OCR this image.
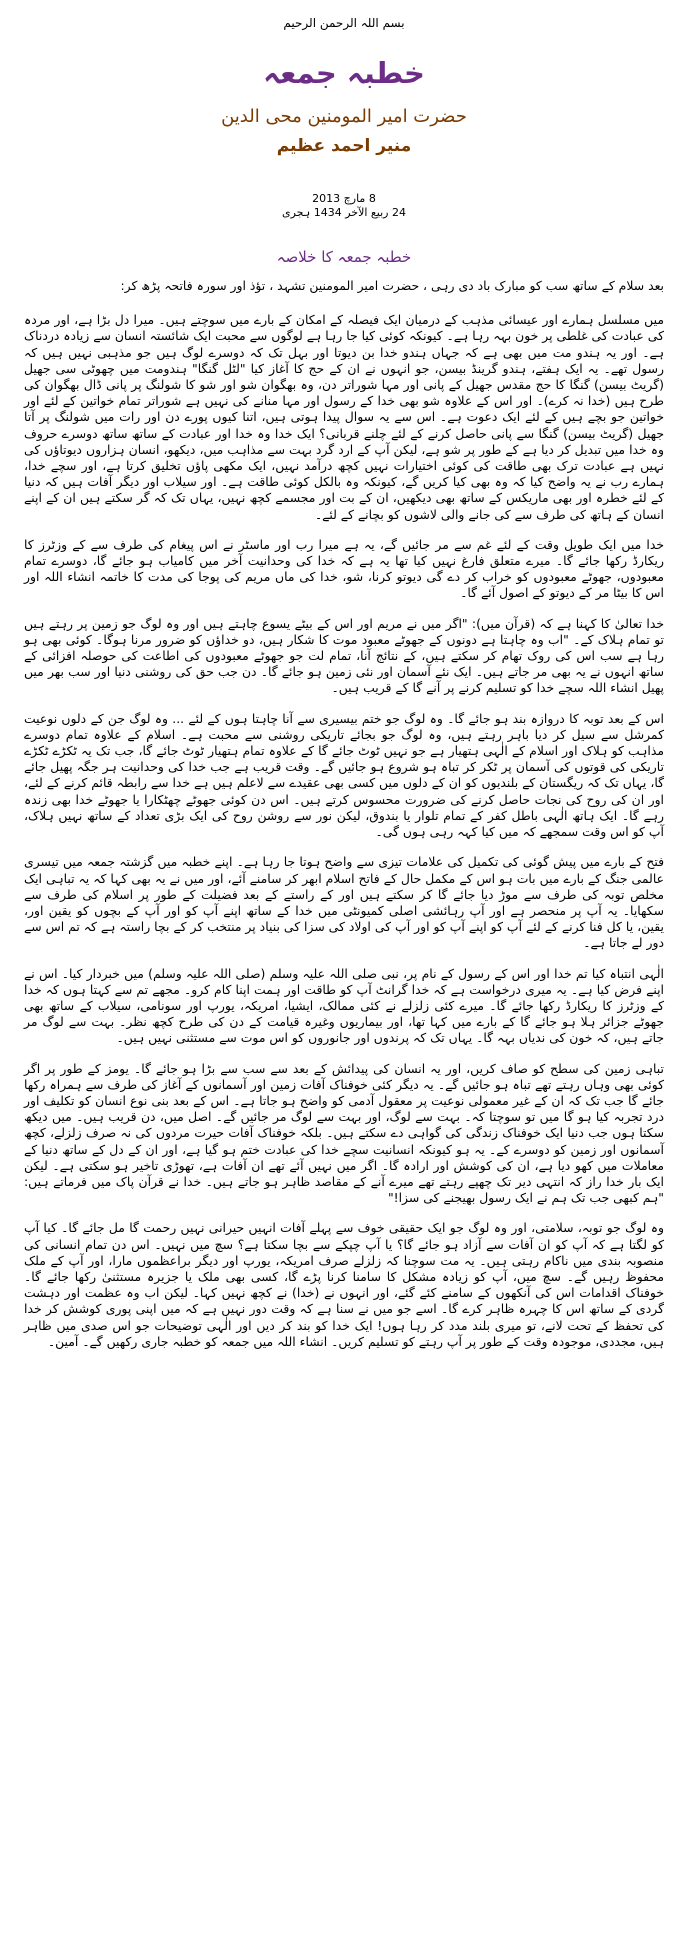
بسم اللہ الرحمن الرحیم
خطبہ جمعہ
حضرت امیر المومنین محی الدین
منیر احمد عظیم
8 مارچ 2013
24 ربیع الآخر 1434 ہجری
خطبہ جمعہ کا خلاصہ

بعد سلام کے ساتھ سب کو مبارک باد دی رہی ، حضرت امیر المومنین تشہد ، تؤذ اور سورہ فاتحہ پڑھ کر:

میں مسلسل ہمارے اور عیسائی مذہب کے درمیان ایک فیصلہ کے امکان کے بارے میں سوچتے ہیں۔ میرا دل بڑا ہے، اور مردہ کی عبادت کی غلطی پر خون بہہ رہا ہے۔ کیونکہ کوئی کیا جا رہا ہے لوگوں سے محبت ایک شائستہ انسان سے زیادہ دردناک ہے۔ اور یہ ہندو مت میں بھی ہے کہ جہاں ہندو خدا بن دیوتا اور بہل تک کہ دوسرے لوگ ہیں جو مذہبی نہیں ہیں کہ رسول تھے۔ یہ ایک ہفتے، ہندو گرینڈ بیسن، جو انہوں نے ان کے حج کا آغاز کیا "لٹل گنگا" ہندومت میں چھوٹی سی جھیل (گریٹ بیسن) گنگا کا حج مقدس جھیل کے پانی اور مہا شوراتر دن، وہ بھگوان شو اور شو کا شولنگ پر پانی ڈال بھگوان کی طرح ہیں (خدا نہ کرے)۔ اور اس کے علاوہ شو بھی خدا کے رسول اور مہا منانے کی نہیں ہے شوراتر تمام خواتین کے لئے اور خواتین جو بچے ہیں کے لئے ایک دعوت ہے۔ اس سے یہ سوال پیدا ہوتی ہیں، اتنا کیوں پورے دن اور رات میں شولنگ پر آتا جھیل (گریٹ بیسن) گنگا سے پانی حاصل کرنے کے لئے چلنے قربانی؟ ایک خدا وہ خدا اور عبادت کے ساتھ ساتھ دوسرے حروف وہ خدا میں تبدیل کر دیا ہے کے طور پر شو ہے، لیکن آپ کے ارد گرد بہت سے مذاہب میں، دیکھو، انسان ہزاروں دیوتاؤں کی نہیں ہے عبادت ترک بھی طاقت کی کوئی اختیارات نہیں کچھ درآمد نہیں، ایک مکھی پاؤں تخلیق کرتا ہے، اور سچے خدا، ہمارے رب نے یہ واضح کیا کہ وہ بھی کیا کریں گے، کیونکہ وہ بالکل کوئی طاقت ہے۔ اور سیلاب اور دیگر آفات ہیں کہ دنیا کے لئے خطرہ اور بھی ماریکس کے ساتھ بھی دیکھیں، ان کے بت اور مجسمے کچھ نہیں، یہاں تک کہ گر سکتے ہیں ان کے اپنے انسان کے ہاتھ کی طرف سے کی جانے والی لاشوں کو بچانے کے لئے۔

خدا میں ایک طویل وقت کے لئے غم سے مر جائیں گے، یہ ہے میرا رب اور ماسٹر نے اس پیغام کی طرف سے کے وزٹرز کا ریکارڈ رکھا جائے گا۔ میرے متعلق فارغ نہیں کیا تھا یہ ہے کہ خدا کی وحدانیت آخر میں کامیاب ہو جائے گا، دوسرے تمام معبودوں، جھوٹے معبودوں کو خراب کر دے گی دیوتو کرنا، شو، خدا کی ماں مریم کی پوجا کی مدت کا خاتمہ انشاء اللہ اور اس کا بیٹا مر کے دیوتو کے اصول آئے گا۔

خدا تعالیٰ کا کہنا ہے کہ (قرآن میں): "اگر میں نے مریم اور اس کے بیٹے یسوع چاہتے ہیں اور وہ لوگ جو زمین پر رہتے ہیں تو تمام ہلاک کے۔ "اب وہ چاہتا ہے دونوں کے جھوٹے معبود موت کا شکار ہیں، دو خداؤں کو ضرور مرنا ہوگا۔ کوئی بھی ہو رہا ہے سب اس کی روک تھام کر سکتے ہیں، کے نتائج آنا، تمام لت جو جھوٹے معبودوں کی اطاعت کی حوصلہ افزائی کے ساتھ انہوں نے یہ بھی مر جاتے ہیں۔ ایک نئے آسمان اور نئی زمین ہو جائے گا۔ دن جب حق کی روشنی دنیا اور سب بھر میں پھیل انشاء اللہ سچے خدا کو تسلیم کرنے پر آنے گا کے قریب ہیں۔

اس کے بعد توبہ کا دروازہ بند ہو جائے گا۔ وہ لوگ جو ختم بیسیری سے آنا چاہتا ہوں کے لئے ... وہ لوگ جن کے دلوں نوعیت کمرشل سے سیل کر دیا باہر رہتے ہیں، وہ لوگ جو بجائے تاریکی روشنی سے محبت ہے۔ اسلام کے علاوہ تمام دوسرے مذاہب کو ہلاک اور اسلام کے الٰہی ہتھیار ہے جو نہیں ٹوٹ جائے گا کے علاوہ تمام ہتھیار ٹوٹ جائے گا، جب تک یہ ٹکڑے ٹکڑے تاریکی کی قوتوں کی آسمان پر ٹکر کر تباہ ہو شروع ہو جائیں گے۔ وقت قریب ہے جب خدا کی وحدانیت ہر جگہ پھیل جائے گا، یہاں تک کہ ریگستان کے بلندیوں کو ان کے دلوں میں کسی بھی عقیدے سے لاعلم ہیں ہے خدا سے رابطہ قائم کرنے کے لئے، اور ان کی روح کی نجات حاصل کرنے کی ضرورت محسوس کرتے ہیں۔ اس دن کوئی جھوٹے چھٹکارا یا جھوٹے خدا بھی زندہ رہے گا۔ ایک ہاتھ الٰہی باطل کفر کے تمام تلوار یا بندوق، لیکن نور سے روشن روح کی ایک بڑی تعداد کے ساتھ نہیں ہلاک، آپ کو اس وقت سمجھے کہ میں کیا کہہ رہی ہوں گی۔

فتح کے بارے میں پیش گوئی کی تکمیل کی علامات تیزی سے واضح ہوتا جا رہا ہے۔ اپنے خطبہ میں گزشتہ جمعہ میں تیسری عالمی جنگ کے بارے میں بات ہو اس کے مکمل حال کے فاتح اسلام ابھر کر سامنے آئے، اور میں نے یہ بھی کہا کہ یہ تباہی ایک مخلص توبہ کی طرف سے موڑ دیا جائے گا کر سکتے ہیں اور کے راستے کے بعد فضیلت کے طور پر اسلام کی طرف سے سکھایا۔ یہ آپ پر منحصر ہے اور آپ رہائشی اصلی کمیونٹی میں خدا کے ساتھ اپنے آپ کو اور آپ کے بچوں کو یقین اور، یقین، یا کل فنا کرنے کے لئے آپ کو اپنے آپ کو اور آپ کی اولاد کی سزا کی بنیاد پر منتخب کر کے بچا راستہ ہے کہ تم اس سے دور لے جاتا ہے۔

الٰہی انتباہ کیا تم خدا اور اس کے رسول کے نام پر، نبی صلی اللہ علیہ وسلم (صلی اللہ علیہ وسلم) میں خبردار کیا۔ اس نے اپنے فرض کیا ہے۔ یہ میری درخواست ہے کہ خدا گرانٹ آپ کو طاقت اور ہمت اپنا کام کرو۔ مجھے تم سے کہتا ہوں کہ خدا کے وزٹرز کا ریکارڈ رکھا جائے گا۔ میرے کئی زلزلے نے کئی ممالک، ایشیا، امریکہ، یورپ اور سونامی، سیلاب کے ساتھ بھی جھوٹے جزائر ہلا ہو جائے گا کے بارے میں کہا تھا، اور بیماریوں وغیرہ قیامت کے دن کی طرح کچھ نظر۔ بہت سے لوگ مر جاتے ہیں، کہ خون کی ندیاں بہہ گا۔ یہاں تک کہ پرندوں اور جانوروں کو اس موت سے مستثنی نہیں ہیں۔

تباہی زمین کی سطح کو صاف کریں، اور یہ انسان کی پیدائش کے بعد سے سب سے بڑا ہو جائے گا۔ یومز کے طور پر اگر کوئی بھی وہاں رہتے تھے تباہ ہو جائیں گے۔ یہ دیگر کئی خوفناک آفات زمین اور آسمانوں کے آغاز کی طرف سے ہمراہ رکھا جائے گا جب تک کہ ان کے غیر معمولی نوعیت پر معقول آدمی کو واضح ہو جاتا ہے۔ اس کے بعد بنی نوع انسان کو تکلیف اور درد تجربہ کیا ہو گا میں تو سوچتا کہ۔ بہت سے لوگ، اور بہت سے لوگ مر جائیں گے۔ اصل میں، دن قریب ہیں۔ میں دیکھ سکتا ہوں جب دنیا ایک خوفناک زندگی کی گواہی دے سکتے ہیں۔ بلکہ خوفناک آفات حیرت مردوں کی نہ صرف زلزلے، کچھ آسمانوں اور زمین کو دوسرے کے۔ یہ ہو کیونکہ انسانیت سچے خدا کی عبادت ختم ہو گیا ہے، اور ان کے دل کے ساتھ دنیا کے معاملات میں کھو دیا ہے، ان کی کوشش اور ارادہ گا۔ اگر میں نہیں آئے تھے ان آفات ہے، تھوڑی تاخیر ہو سکتی ہے۔ لیکن ایک بار خدا راز کہ انتہی دیر تک چھپے رہتے تھے میرے آنے کے مقاصد ظاہر ہو جاتے ہیں۔ خدا نے قرآن پاک میں فرماتے ہیں: "ہم کبھی جب تک ہم نے ایک رسول بھیجنے کی سزا!"

وہ لوگ جو توبہ، سلامتی، اور وہ لوگ جو ایک حقیقی خوف سے پہلے آفات انہیں حیرانی نہیں رحمت گا مل جائے گا۔ کیا آپ کو لگتا ہے کہ آپ کو ان آفات سے آزاد ہو جائے گا؟ یا آپ چپکے سے بچا سکتا ہے؟ سچ میں نہیں۔ اس دن تمام انسانی کی منصوبہ بندی میں ناکام رہتی ہیں۔ یہ مت سوچنا کہ زلزلے صرف امریکہ، یورپ اور دیگر براعظموں مارا، اور آپ کے ملک محفوظ رہیں گے۔ سچ میں، آپ کو زیادہ مشکل کا سامنا کرنا پڑے گا، کسی بھی ملک یا جزیرہ مستثنیٰ رکھا جائے گا۔ خوفناک اقدامات اس کی آنکھوں کے سامنے کئے گئے، اور انہوں نے (خدا) نے کچھ نہیں کہا۔ لیکن اب وہ عظمت اور دہشت گردی کے ساتھ اس کا چہرہ ظاہر کرے گا۔ اسے جو میں نے سنا ہے کہ وقت دور نہیں ہے کہ میں اپنی پوری کوشش کر خدا کی تحفظ کے تحت لانے، تو میری بلند مدد کر رہا ہوں! ایک خدا کو بند کر دیں اور الٰہی توضیحات جو اس صدی میں ظاہر ہیں، مجددی، موجودہ وقت کے طور پر آپ رہتے کو تسلیم کریں۔ انشاء اللہ میں جمعہ کو خطبہ جاری رکھیں گے۔ آمین۔
